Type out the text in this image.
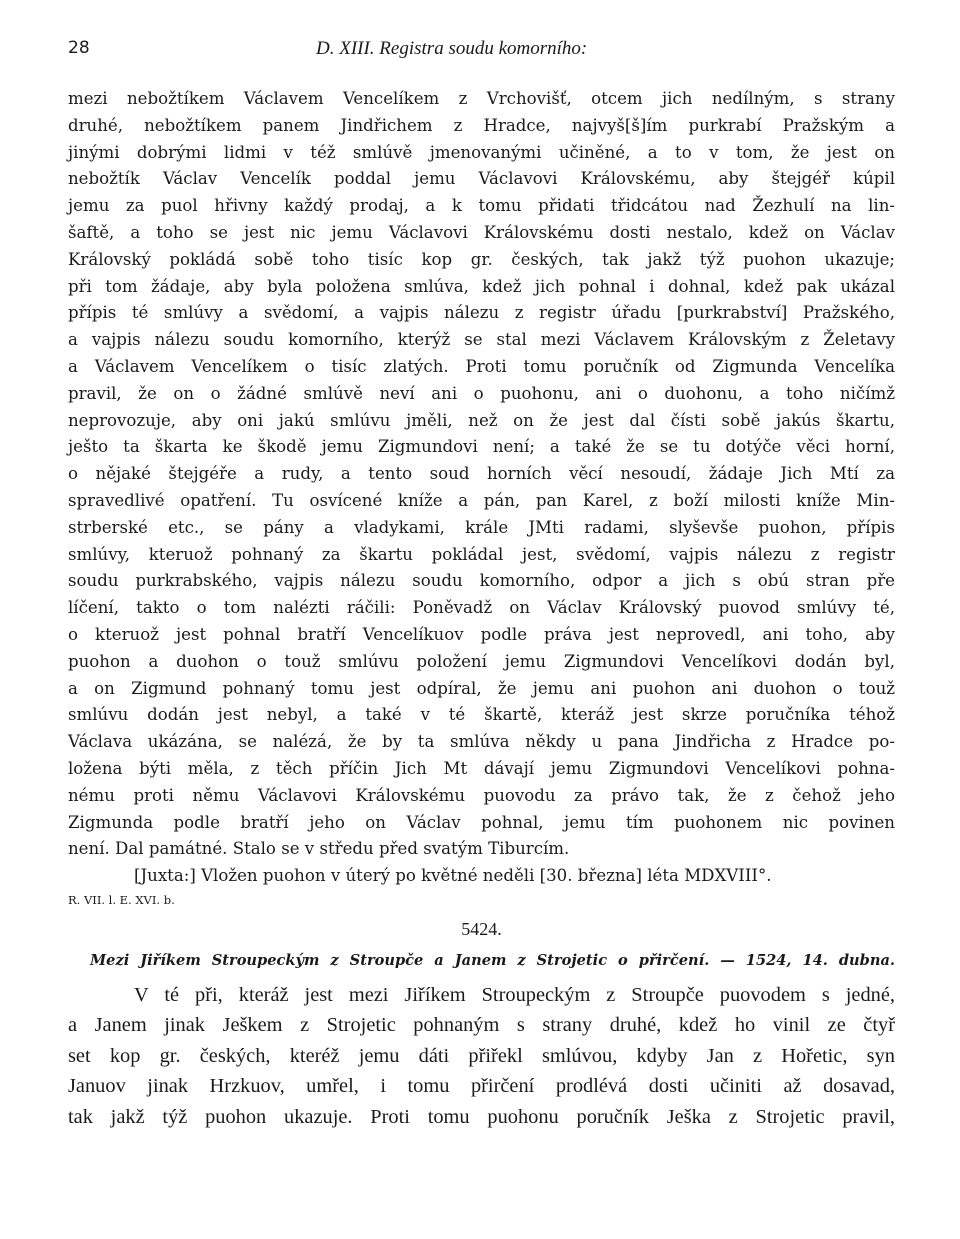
28	D. XIII. Registra soudu komorního:
mezi nebožtíkem Václavem Vencelíkem z Vrchovišť, otcem jich nedílným, s strany
druhé, nebožtíkem panem Jindřichem z Hradce, najvyš[š]ím purkrabí Pražským a
jinými dobrými lidmi v též smlúvě jmenovanými učiněné, a to v tom, že jest on
nebožtík Václav Vencelík poddal jemu Václavovi Královskému, aby štejgéř kúpil
jemu za puol hřivny každý prodaj, a k tomu přidati třidcátou nad Žezhulí na lin-
šaftě, a toho se jest nic jemu Václavovi Královskému dosti nestalo, kdež on Václav
Královský pokládá sobě toho tisíc kop gr. českých, tak jakž týž puohon ukazuje;
při tom žádaje, aby byla položena smlúva, kdež jich pohnal i dohnal, kdež pak ukázal
přípis té smlúvy a svědomí, a vajpis nálezu z registr úřadu [purkrabství] Pražského,
a vajpis nálezu soudu komorního, kterýž se stal mezi Václavem Královským z Želetavy
a Václavem Vencelíkem o tisíc zlatých. Proti tomu poručník od Zigmunda Vencelíka
pravil, že on o žádné smlúvě neví ani o puohonu, ani o duohonu, a toho ničímž
neprovozuje, aby oni jakú smlúvu jměli, než on že jest dal čísti sobě jakús škartu,
ješto ta škarta ke škodě jemu Zigmundovi není; a také že se tu dotýče věci horní,
o nějaké štejgéře a rudy, a tento soud horních věcí nesoudí, žádaje Jich Mtí za
spravedlivé opatření. Tu osvícené kníže a pán, pan Karel, z boží milosti kníže Min-
strberské etc., se pány a vladykami, krále JMti radami, slyševše puohon, přípis
smlúvy, kteruož pohnaný za škartu pokládal jest, svědomí, vajpis nálezu z registr
soudu purkrabského, vajpis nálezu soudu komorního, odpor a jich s obú stran pře
líčení, takto o tom nalézti ráčili: Poněvadž on Václav Královský puovod smlúvy té,
o kteruož jest pohnal bratří Vencelíkuov podle práva jest neprovedl, ani toho, aby
puohon a duohon o touž smlúvu položení jemu Zigmundovi Vencelíkovi dodán byl,
a on Zigmund pohnaný tomu jest odpíral, že jemu ani puohon ani duohon o touž
smlúvu dodán jest nebyl, a také v té škartě, kteráž jest skrze poručníka téhož
Václava ukázána, se nalézá, že by ta smlúva někdy u pana Jindřicha z Hradce po-
ložena býti měla, z těch příčin Jich Mt dávají jemu Zigmundovi Vencelíkovi pohna-
nému proti němu Václavovi Královskému puovodu za právo tak, že z čehož jeho
Zigmunda podle bratří jeho on Václav pohnal, jemu tím puohonem nic povinen
není. Dal památné. Stalo se v středu před svatým Tiburcím.
[Juxta:] Vložen puohon v úterý po květné neděli [30. března] léta MDXVIII°.
R. VII. l. E. XVI. b.
5424.
Mezi Jiříkem Stroupeckým z Stroupče a Janem z Strojetic o přirčení. — 1524, 14. dubna.
V té při, kteráž jest mezi Jiříkem Stroupeckým z Stroupče puovodem s jedné,
a Janem jinak Ješkem z Strojetic pohnaným s strany druhé, kdež ho vinil ze čtyř
set kop gr. českých, kteréž jemu dáti přiřekl smlúvou, kdyby Jan z Hořetic, syn
Januov jinak Hrzkuov, umřel, i tomu přirčení prodlévá dosti učiniti až dosavad,
tak jakž týž puohon ukazuje. Proti tomu puohonu poručník Ješka z Strojetic pravil,
